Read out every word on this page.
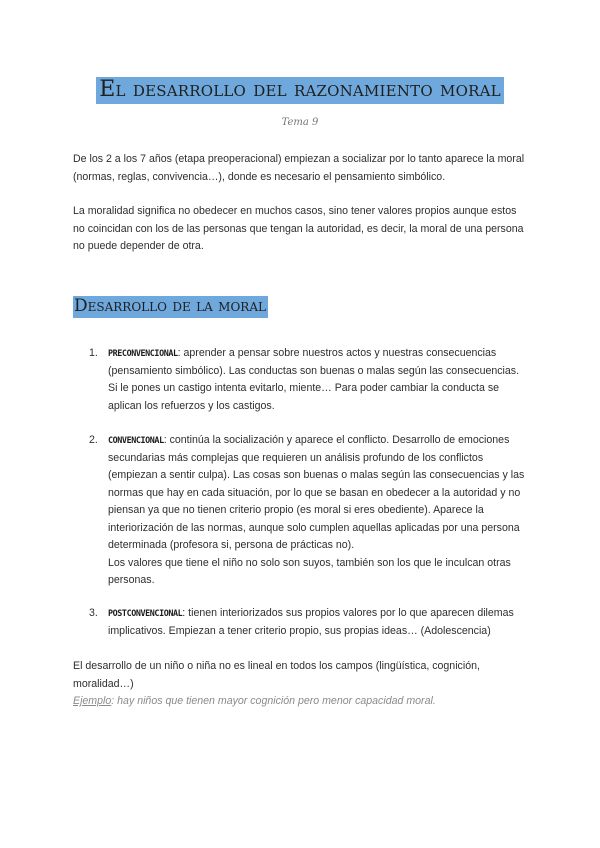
El desarrollo del razonamiento moral
Tema 9

De los 2 a los 7 años (etapa preoperacional) empiezan a socializar por lo tanto aparece la moral (normas, reglas, convivencia…), donde es necesario el pensamiento simbólico.

La moralidad significa no obedecer en muchos casos, sino tener valores propios aunque estos no coincidan con los de las personas que tengan la autoridad, es decir, la moral de una persona no puede depender de otra.

Desarrollo de la moral
1. PRECONVENCIONAL: aprender a pensar sobre nuestros actos y nuestras consecuencias (pensamiento simbólico). Las conductas son buenas o malas según las consecuencias. Si le pones un castigo intenta evitarlo, miente… Para poder cambiar la conducta se aplican los refuerzos y los castigos.
2. CONVENCIONAL: continúa la socialización y aparece el conflicto. Desarrollo de emociones secundarias más complejas que requieren un análisis profundo de los conflictos (empiezan a sentir culpa). Las cosas son buenas o malas según las consecuencias y las normas que hay en cada situación, por lo que se basan en obedecer a la autoridad y no piensan ya que no tienen criterio propio (es moral si eres obediente). Aparece la interiorización de las normas, aunque solo cumplen aquellas aplicadas por una persona determinada (profesora si, persona de prácticas no).
Los valores que tiene el niño no solo son suyos, también son los que le inculcan otras personas.
3. POSTCONVENCIONAL: tienen interiorizados sus propios valores por lo que aparecen dilemas implicativos. Empiezan a tener criterio propio, sus propias ideas… (Adolescencia)

El desarrollo de un niño o niña no es lineal en todos los campos (lingüística, cognición, moralidad…)

Ejemplo: hay niños que tienen mayor cognición pero menor capacidad moral.
